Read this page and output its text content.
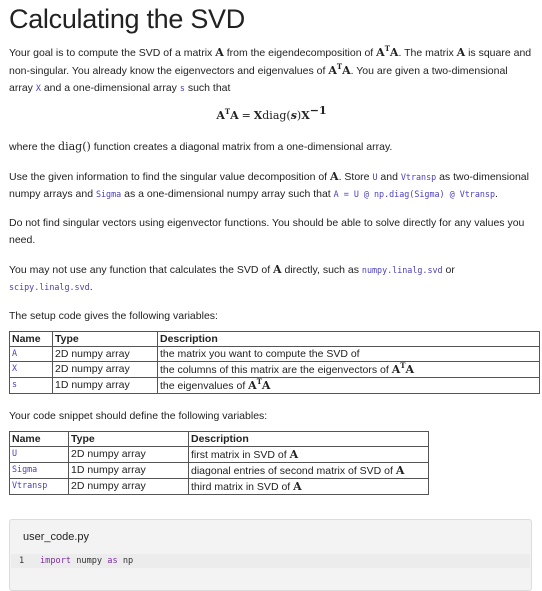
Calculating the SVD

Your goal is to compute the SVD of a matrix A from the eigendecomposition of $A^TA$. The matrix A is square and non-singular. You already know the eigenvectors and eigenvalues of $A^TA$. You are given a two-dimensional array X and a one-dimensional array s such that

$A^TA$ = $Xdiag(s)X^{-1}$

where the diag() function creates a diagonal matrix from a one-dimensional array.

Use the given information to find the singular value decomposition of A. Store U and Vtransp as two-dimensional numpy arrays and Sigma as a one-dimensional numpy array such that A = U @ np.diag(Sigma) @ Vtransp.

Do not find singular vectors using eigenvector functions. You should be able to solve directly for any values you need.

You may not use any function that calculates the SVD of A directly, such as numpy.linalg.svd or scipy.linalg.svd.

The setup code gives the following variables:

Name	Type	Description
A	2D numpy array	the matrix you want to compute the SVD of
X	2D numpy array	the columns of this matrix are the eigenvectors of $A^TA$
s	1D numpy array	the eigenvalues of $A^TA$

Your code snippet should define the following variables:

Name	Type	Description
U	2D numpy array	first matrix in SVD of A
Sigma	1D numpy array	diagonal entries of second matrix of SVD of A
Vtransp	2D numpy array	third matrix in SVD of A
user_code.py
1 import numpy as np
